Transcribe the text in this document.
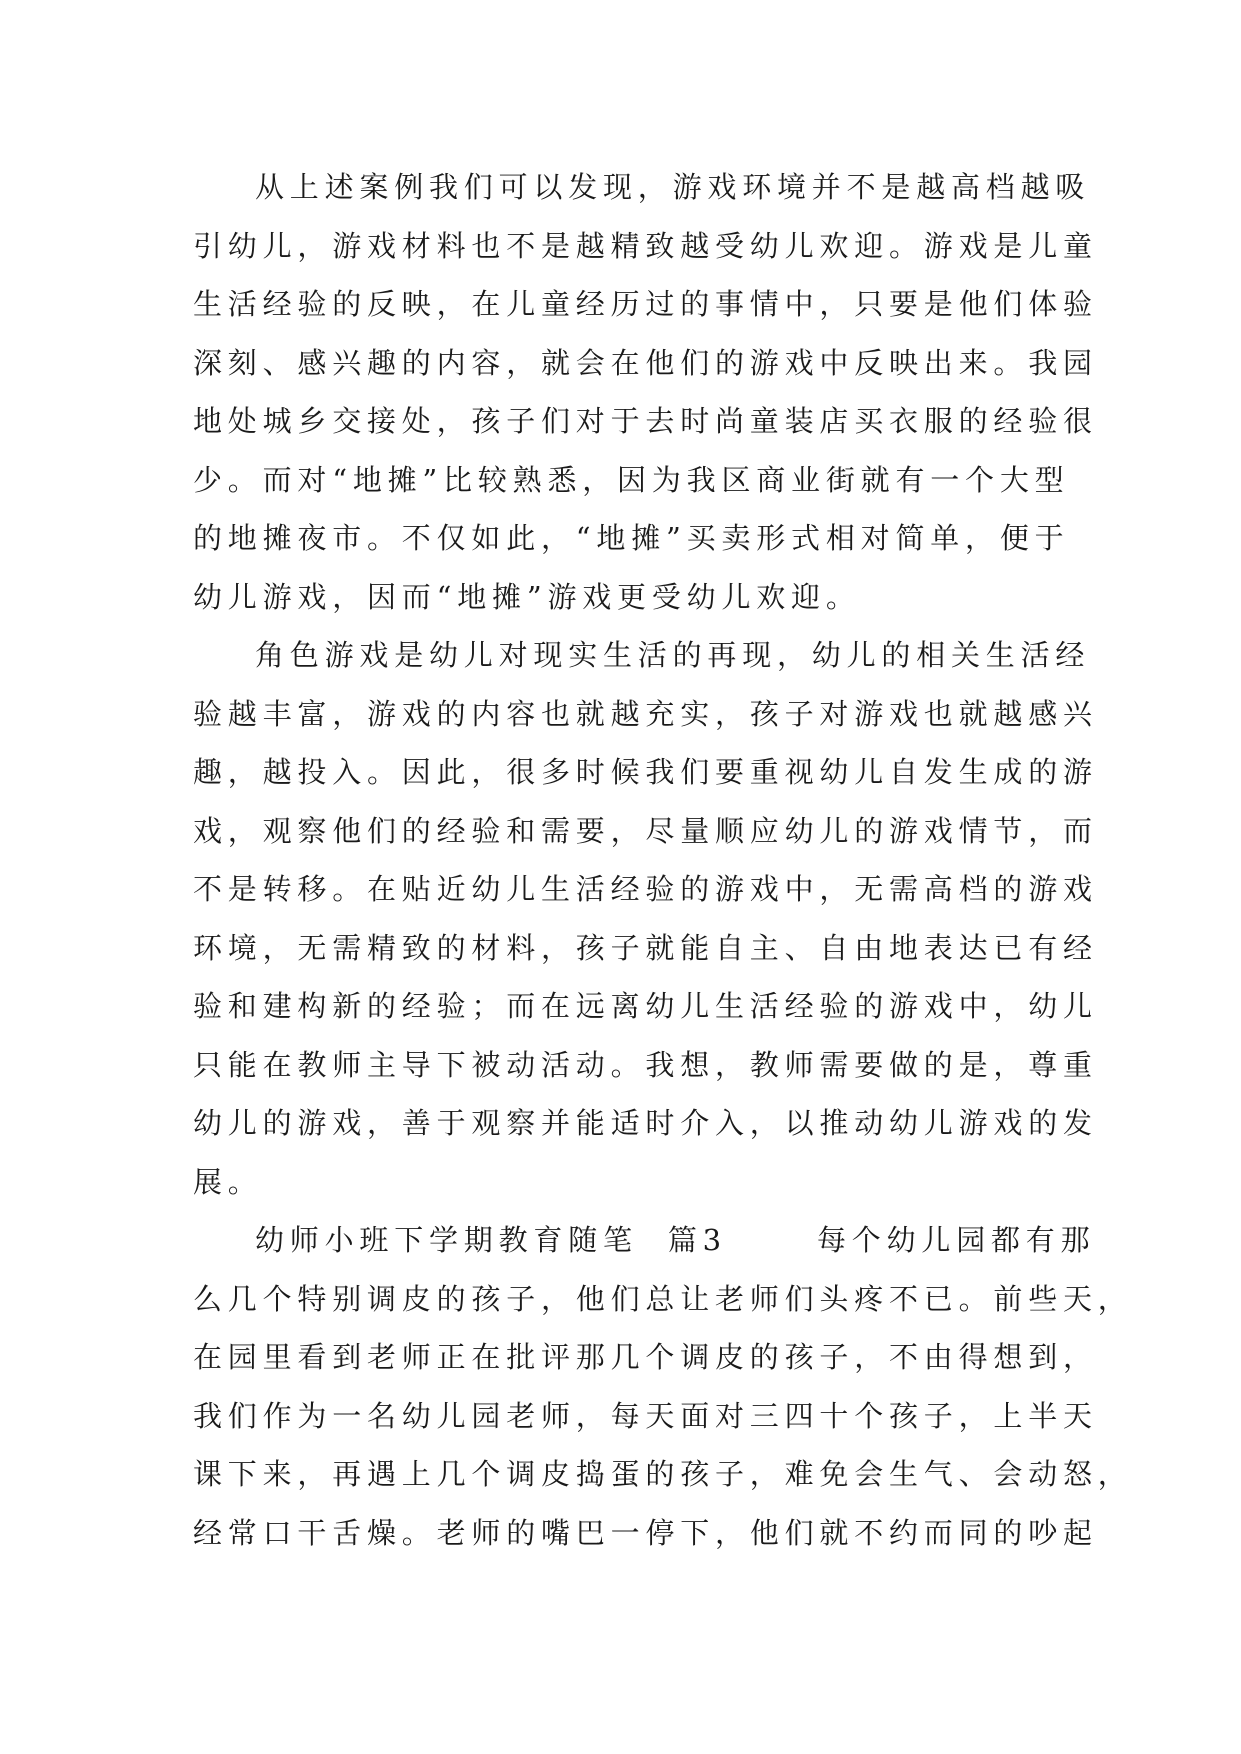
从上述案例我们可以发现，游戏环境并不是越高档越吸
引幼儿，游戏材料也不是越精致越受幼儿欢迎。游戏是儿童
生活经验的反映，在儿童经历过的事情中，只要是他们体验
深刻、感兴趣的内容，就会在他们的游戏中反映出来。我园
地处城乡交接处，孩子们对于去时尚童装店买衣服的经验很
少。而对“地摊”比较熟悉，因为我区商业街就有一个大型
的地摊夜市。不仅如此，“地摊”买卖形式相对简单，便于
幼儿游戏，因而“地摊”游戏更受幼儿欢迎。
角色游戏是幼儿对现实生活的再现，幼儿的相关生活经
验越丰富，游戏的内容也就越充实，孩子对游戏也就越感兴
趣，越投入。因此，很多时候我们要重视幼儿自发生成的游
戏，观察他们的经验和需要，尽量顺应幼儿的游戏情节，而
不是转移。在贴近幼儿生活经验的游戏中，无需高档的游戏
环境，无需精致的材料，孩子就能自主、自由地表达已有经
验和建构新的经验；而在远离幼儿生活经验的游戏中，幼儿
只能在教师主导下被动活动。我想，教师需要做的是，尊重
幼儿的游戏，善于观察并能适时介入，以推动幼儿游戏的发
展。
幼师小班下学期教育随笔  篇3      每个幼儿园都有那
么几个特别调皮的孩子，他们总让老师们头疼不已。前些天，
在园里看到老师正在批评那几个调皮的孩子，不由得想到，
我们作为一名幼儿园老师，每天面对三四十个孩子，上半天
课下来，再遇上几个调皮捣蛋的孩子，难免会生气、会动怒，
经常口干舌燥。老师的嘴巴一停下，他们就不约而同的吵起
